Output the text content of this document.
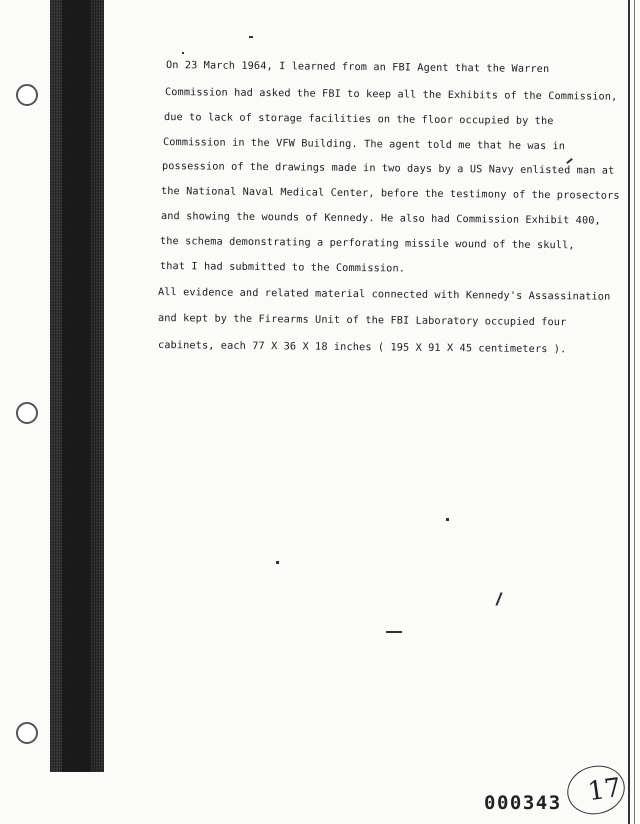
On 23 March 1964, I learned from an FBI Agent that the Warren
Commission had asked the FBI to keep all the Exhibits of the Commission,
due to lack of storage facilities on the floor occupied by the
Commission in the VFW Building. The agent told me that he was in
possession of the drawings made in two days by a US Navy enlisted man at
the National Naval Medical Center, before the testimony of the prosectors
and showing the wounds of Kennedy. He also had Commission Exhibit 400,
the schema demonstrating a perforating missile wound of the skull,
that I had submitted to the Commission.
All evidence and related material connected with Kennedy's Assassination
and kept by the Firearms Unit of the FBI Laboratory occupied four
cabinets, each 77 X 36 X 18 inches ( 195 X 91 X 45 centimeters ).
000343 17
